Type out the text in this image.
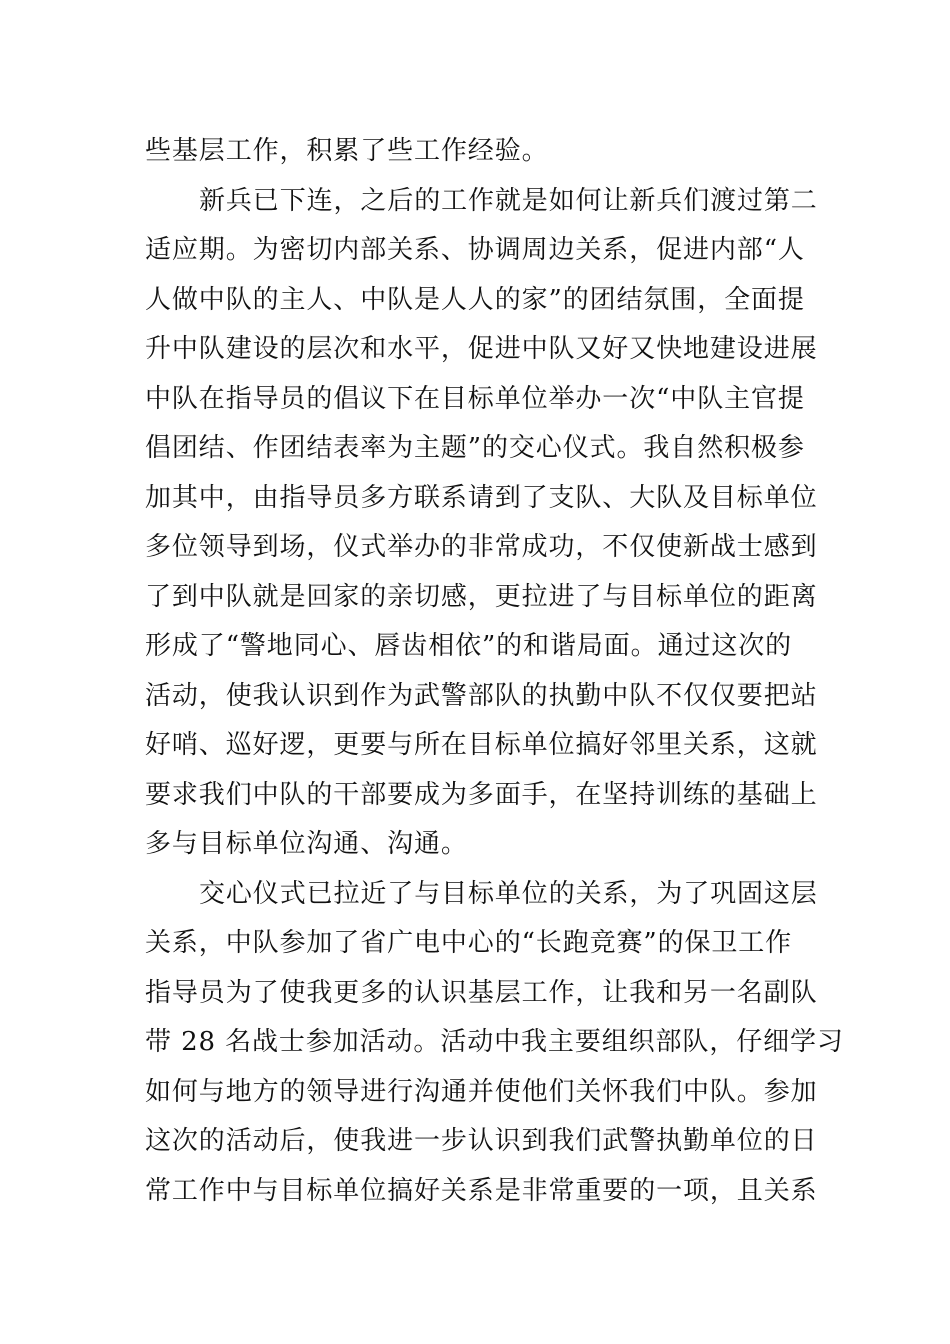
些基层工作，积累了些工作经验。
新兵已下连，之后的工作就是如何让新兵们渡过第二
适应期。为密切内部关系、协调周边关系，促进内部“人
人做中队的主人、中队是人人的家”的团结氛围，全面提
升中队建设的层次和水平，促进中队又好又快地建设进展
中队在指导员的倡议下在目标单位举办一次“中队主官提
倡团结、作团结表率为主题”的交心仪式。我自然积极参
加其中，由指导员多方联系请到了支队、大队及目标单位
多位领导到场，仪式举办的非常成功，不仅使新战士感到
了到中队就是回家的亲切感，更拉进了与目标单位的距离
形成了“警地同心、唇齿相依”的和谐局面。通过这次的
活动，使我认识到作为武警部队的执勤中队不仅仅要把站
好哨、巡好逻，更要与所在目标单位搞好邻里关系，这就
要求我们中队的干部要成为多面手，在坚持训练的基础上
多与目标单位沟通、沟通。
交心仪式已拉近了与目标单位的关系，为了巩固这层
关系，中队参加了省广电中心的“长跑竞赛”的保卫工作
指导员为了使我更多的认识基层工作，让我和另一名副队
带 28 名战士参加活动。活动中我主要组织部队，仔细学习
如何与地方的领导进行沟通并使他们关怀我们中队。参加
这次的活动后，使我进一步认识到我们武警执勤单位的日
常工作中与目标单位搞好关系是非常重要的一项，且关系
